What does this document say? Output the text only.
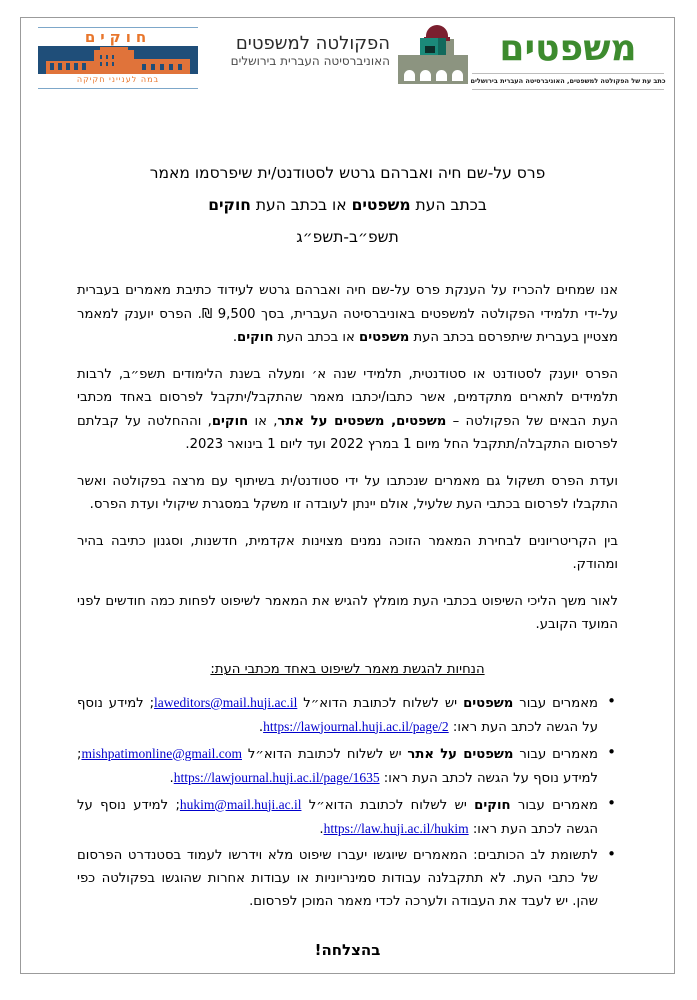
חוקים
במה לענייני חקיקה
הפקולטה למשפטים
האוניברסיטה העברית בירושלים	משפטים
כתב עת של הפקולטה למשפטים, האוניברסיטה העברית בירושלים
פרס על-שם חיה ואברהם גרטש לסטודנט/ית שיפרסמו מאמר
בכתב העת משפטים או בכתב העת חוקים
תשפ״ב-תשפ״ג

אנו שמחים להכריז על הענקת פרס על-שם חיה ואברהם גרטש לעידוד כתיבת מאמרים בעברית על-ידי תלמידי הפקולטה למשפטים באוניברסיטה העברית, בסך 9,500 ₪. הפרס יוענק למאמר מצטיין בעברית שיתפרסם בכתב העת משפטים או בכתב העת חוקים.

הפרס יוענק לסטודנט או סטודנטית, תלמידי שנה א׳ ומעלה בשנת הלימודים תשפ״ב, לרבות תלמידים לתארים מתקדמים, אשר כתבו/יכתבו מאמר שהתקבל/יתקבל לפרסום באחד מכתבי העת הבאים של הפקולטה – משפטים, משפטים על אתר, או חוקים, וההחלטה על קבלתם לפרסום התקבלה/תתקבל החל מיום 1 במרץ 2022 ועד ליום 1 בינואר 2023.

ועדת הפרס תשקול גם מאמרים שנכתבו על ידי סטודנט/ית בשיתוף עם מרצה בפקולטה ואשר התקבלו לפרסום בכתבי העת שלעיל, אולם יינתן לעובדה זו משקל במסגרת שיקולי ועדת הפרס.

בין הקריטריונים לבחירת המאמר הזוכה נמנים מצוינות אקדמית, חדשנות, וסגנון כתיבה בהיר ומהודק.

לאור משך הליכי השיפוט בכתבי העת מומלץ להגיש את המאמר לשיפוט לפחות כמה חודשים לפני המועד הקובע.

הנחיות להגשת מאמר לשיפוט באחד מכתבי העת:
• מאמרים עבור משפטים יש לשלוח לכתובת הדוא״ל laweditors@mail.huji.ac.il; למידע נוסף על הגשה לכתב העת ראו: https://lawjournal.huji.ac.il/page/2.
• מאמרים עבור משפטים על אתר יש לשלוח לכתובת הדוא״ל mishpatimonline@gmail.com; למידע נוסף על הגשה לכתב העת ראו: https://lawjournal.huji.ac.il/page/1635.
• מאמרים עבור חוקים יש לשלוח לכתובת הדוא״ל hukim@mail.huji.ac.il; למידע נוסף על הגשה לכתב העת ראו: https://law.huji.ac.il/hukim.
• לתשומת לב הכותבים: המאמרים שיוגשו יעברו שיפוט מלא וידרשו לעמוד בסטנדרט הפרסום של כתבי העת. לא תתקבלנה עבודות סמינריוניות או עבודות אחרות שהוגשו בפקולטה כפי שהן. יש לעבד את העבודה ולערכה לכדי מאמר המוכן לפרסום.
בהצלחה!
